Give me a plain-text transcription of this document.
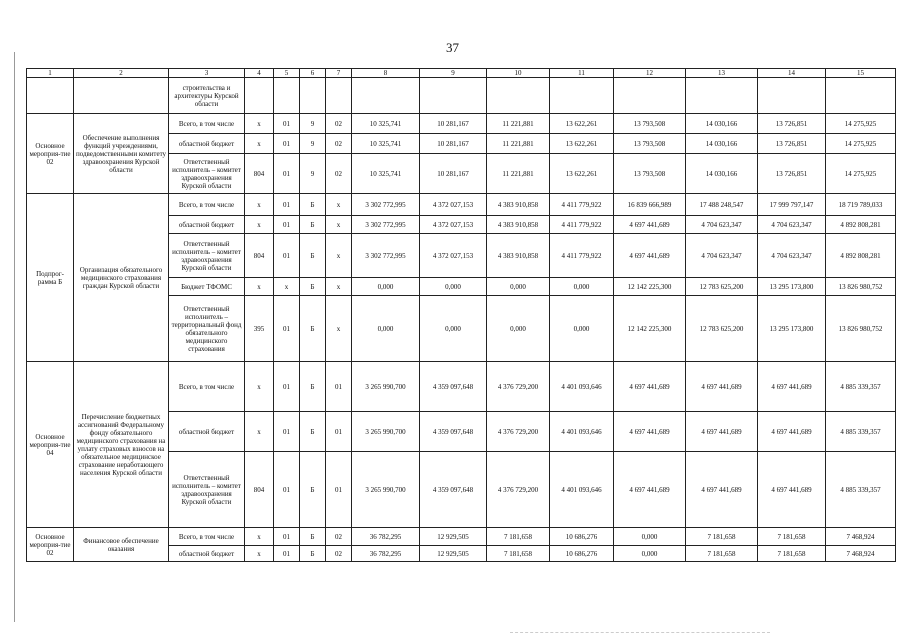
37
1	2	3	4	5	6	7	8	9	10	11	12	13	14	15
		строительства и архитектуры Курской области												
Основное мероприя-тие 02	Обеспечение выполнения функций учреждениями, подведомственными комитету здравоохранения Курской области	Всего, в том числе	х	01	9	02	10 325,741	10 281,167	11 221,881	13 622,261	13 793,508	14 030,166	13 726,851	14 275,925
		областной бюджет	х	01	9	02	10 325,741	10 281,167	11 221,881	13 622,261	13 793,508	14 030,166	13 726,851	14 275,925
		Ответственный исполнитель – комитет здравоохранения Курской области	804	01	9	02	10 325,741	10 281,167	11 221,881	13 622,261	13 793,508	14 030,166	13 726,851	14 275,925
Подпрог-рамма Б	Организация обязательного медицинского страхования граждан Курской области	Всего, в том числе	х	01	Б	х	3 302 772,995	4 372 027,153	4 383 910,858	4 411 779,922	16 839 666,989	17 488 248,547	17 999 797,147	18 719 789,033
		областной бюджет	х	01	Б	х	3 302 772,995	4 372 027,153	4 383 910,858	4 411 779,922	4 697 441,689	4 704 623,347	4 704 623,347	4 892 808,281
		Ответственный исполнитель – комитет здравоохранения Курской области	804	01	Б	х	3 302 772,995	4 372 027,153	4 383 910,858	4 411 779,922	4 697 441,689	4 704 623,347	4 704 623,347	4 892 808,281
		Бюджет ТФОМС	х	х	Б	х	0,000	0,000	0,000	0,000	12 142 225,300	12 783 625,200	13 295 173,800	13 826 980,752
		Ответственный исполнитель – территориальный фонд обязательного медицинского страхования	395	01	Б	х	0,000	0,000	0,000	0,000	12 142 225,300	12 783 625,200	13 295 173,800	13 826 980,752
Основное мероприя-тие 04	Перечисление бюджетных ассигнований Федеральному фонду обязательного медицинского страхования на уплату страховых взносов на обязательное медицинское страхование неработающего населения Курской области	Всего, в том числе	х	01	Б	01	3 265 990,700	4 359 097,648	4 376 729,200	4 401 093,646	4 697 441,689	4 697 441,689	4 697 441,689	4 885 339,357
		областной бюджет	х	01	Б	01	3 265 990,700	4 359 097,648	4 376 729,200	4 401 093,646	4 697 441,689	4 697 441,689	4 697 441,689	4 885 339,357
		Ответственный исполнитель – комитет здравоохранения Курской области	804	01	Б	01	3 265 990,700	4 359 097,648	4 376 729,200	4 401 093,646	4 697 441,689	4 697 441,689	4 697 441,689	4 885 339,357
Основное мероприя-тие 02	Финансовое обеспечение оказания	Всего, в том числе	х	01	Б	02	36 782,295	12 929,505	7 181,658	10 686,276	0,000	7 181,658	7 181,658	7 468,924
		областной бюджет	х	01	Б	02	36 782,295	12 929,505	7 181,658	10 686,276	0,000	7 181,658	7 181,658	7 468,924
